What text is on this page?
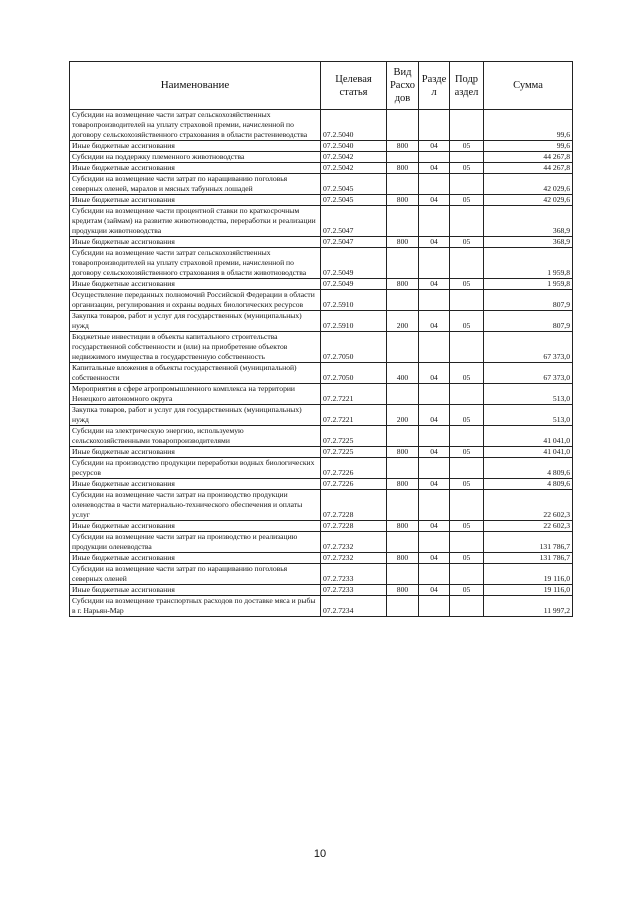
Наименование	Целевая статья	Вид Расхо дов	Разде л	Подр аздел	Сумма
Субсидии на возмещение части затрат сельскохозяйственных товаропроизводителей на уплату страховой премии, начисленной по договору сельскохозяйственного страхования в области растениеводства	07.2.5040				99,6
Иные бюджетные ассигнования	07.2.5040	800	04	05	99,6
Субсидии на поддержку племенного животноводства	07.2.5042				44 267,8
Иные бюджетные ассигнования	07.2.5042	800	04	05	44 267,8
Субсидии на возмещение части затрат по наращиванию поголовья северных оленей, маралов и мясных табунных лошадей	07.2.5045				42 029,6
Иные бюджетные ассигнования	07.2.5045	800	04	05	42 029,6
Субсидии на возмещение части процентной ставки по краткосрочным кредитам (займам) на развитие животноводства, переработки и реализации продукции животноводства	07.2.5047				368,9
Иные бюджетные ассигнования	07.2.5047	800	04	05	368,9
Субсидии на возмещение части затрат сельскохозяйственных товаропроизводителей на уплату страховой премии, начисленной по договору сельскохозяйственного страхования в области животноводства	07.2.5049				1 959,8
Иные бюджетные ассигнования	07.2.5049	800	04	05	1 959,8
Осуществление переданных полномочий Российской Федерации в области организации, регулирования и охраны водных биологических ресурсов	07.2.5910				807,9
Закупка товаров, работ и услуг для государственных (муниципальных) нужд	07.2.5910	200	04	05	807,9
Бюджетные инвестиции в объекты капитального строительства государственной собственности и (или) на приобретение объектов недвижимого имущества в государственную собственность	07.2.7050				67 373,0
Капитальные вложения в объекты государственной (муниципальной) собственности	07.2.7050	400	04	05	67 373,0
Мероприятия в сфере агропромышленного комплекса на территории Ненецкого автономного округа	07.2.7221				513,0
Закупка товаров, работ и услуг для государственных (муниципальных) нужд	07.2.7221	200	04	05	513,0
Субсидии на электрическую энергию, используемую сельскохозяйственными товаропроизводителями	07.2.7225				41 041,0
Иные бюджетные ассигнования	07.2.7225	800	04	05	41 041,0
Субсидии на производство продукции переработки водных биологических ресурсов	07.2.7226				4 809,6
Иные бюджетные ассигнования	07.2.7226	800	04	05	4 809,6
Субсидии на возмещение части затрат на производство продукции оленеводства в части материально-технического обеспечения и оплаты услуг	07.2.7228				22 602,3
Иные бюджетные ассигнования	07.2.7228	800	04	05	22 602,3
Субсидии на возмещение части затрат на производство и реализацию продукции оленеводства	07.2.7232				131 786,7
Иные бюджетные ассигнования	07.2.7232	800	04	05	131 786,7
Субсидии на возмещение части затрат по наращиванию поголовья северных оленей	07.2.7233				19 116,0
Иные бюджетные ассигнования	07.2.7233	800	04	05	19 116,0
Субсидии на возмещение транспортных расходов по доставке мяса и рыбы в г. Нарьян-Мар	07.2.7234				11 997,2
10
